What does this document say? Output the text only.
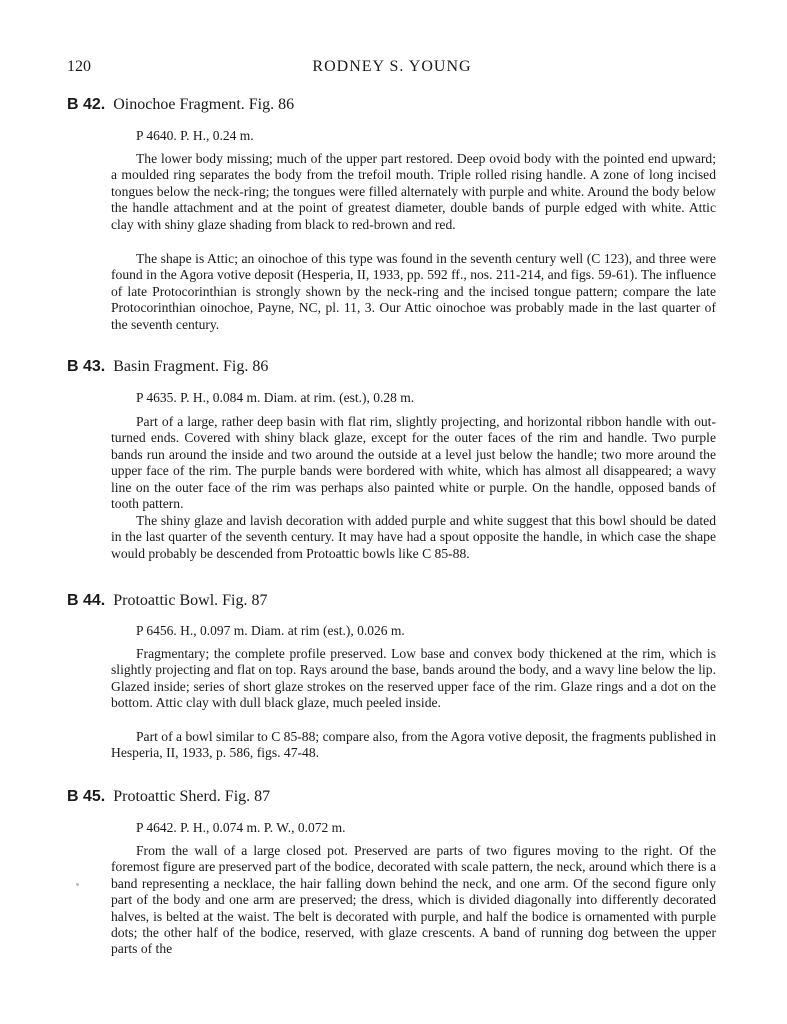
120	RODNEY S. YOUNG
B 42. Oinochoe Fragment. Fig. 86
P 4640. P. H., 0.24 m.

The lower body missing; much of the upper part restored. Deep ovoid body with the pointed end upward; a moulded ring separates the body from the trefoil mouth. Triple rolled rising handle. A zone of long incised tongues below the neck-ring; the tongues were filled alternately with purple and white. Around the body below the handle attachment and at the point of greatest diameter, double bands of purple edged with white. Attic clay with shiny glaze shading from black to red-brown and red.

The shape is Attic; an oinochoe of this type was found in the seventh century well (C 123), and three were found in the Agora votive deposit (Hesperia, II, 1933, pp. 592 ff., nos. 211-214, and figs. 59-61). The influence of late Protocorinthian is strongly shown by the neck-ring and the incised tongue pattern; compare the late Protocorinthian oinochoe, Payne, NC, pl. 11, 3. Our Attic oinochoe was probably made in the last quarter of the seventh century.

B 43. Basin Fragment. Fig. 86
P 4635. P. H., 0.084 m. Diam. at rim. (est.), 0.28 m.

Part of a large, rather deep basin with flat rim, slightly projecting, and horizontal ribbon handle with out-turned ends. Covered with shiny black glaze, except for the outer faces of the rim and handle. Two purple bands run around the inside and two around the outside at a level just below the handle; two more around the upper face of the rim. The purple bands were bordered with white, which has almost all disappeared; a wavy line on the outer face of the rim was perhaps also painted white or purple. On the handle, opposed bands of tooth pattern.

The shiny glaze and lavish decoration with added purple and white suggest that this bowl should be dated in the last quarter of the seventh century. It may have had a spout opposite the handle, in which case the shape would probably be descended from Protoattic bowls like C 85-88.

B 44. Protoattic Bowl. Fig. 87
P 6456. H., 0.097 m. Diam. at rim (est.), 0.026 m.

Fragmentary; the complete profile preserved. Low base and convex body thickened at the rim, which is slightly projecting and flat on top. Rays around the base, bands around the body, and a wavy line below the lip. Glazed inside; series of short glaze strokes on the reserved upper face of the rim. Glaze rings and a dot on the bottom. Attic clay with dull black glaze, much peeled inside.

Part of a bowl similar to C 85-88; compare also, from the Agora votive deposit, the fragments published in Hesperia, II, 1933, p. 586, figs. 47-48.

B 45. Protoattic Sherd. Fig. 87
P 4642. P. H., 0.074 m. P. W., 0.072 m.

From the wall of a large closed pot. Preserved are parts of two figures moving to the right. Of the foremost figure are preserved part of the bodice, decorated with scale pattern, the neck, around which there is a band representing a necklace, the hair falling down behind the neck, and one arm. Of the second figure only part of the body and one arm are preserved; the dress, which is divided diagonally into differently decorated halves, is belted at the waist. The belt is decorated with purple, and half the bodice is ornamented with purple dots; the other half of the bodice, reserved, with glaze crescents. A band of running dog between the upper parts of the
